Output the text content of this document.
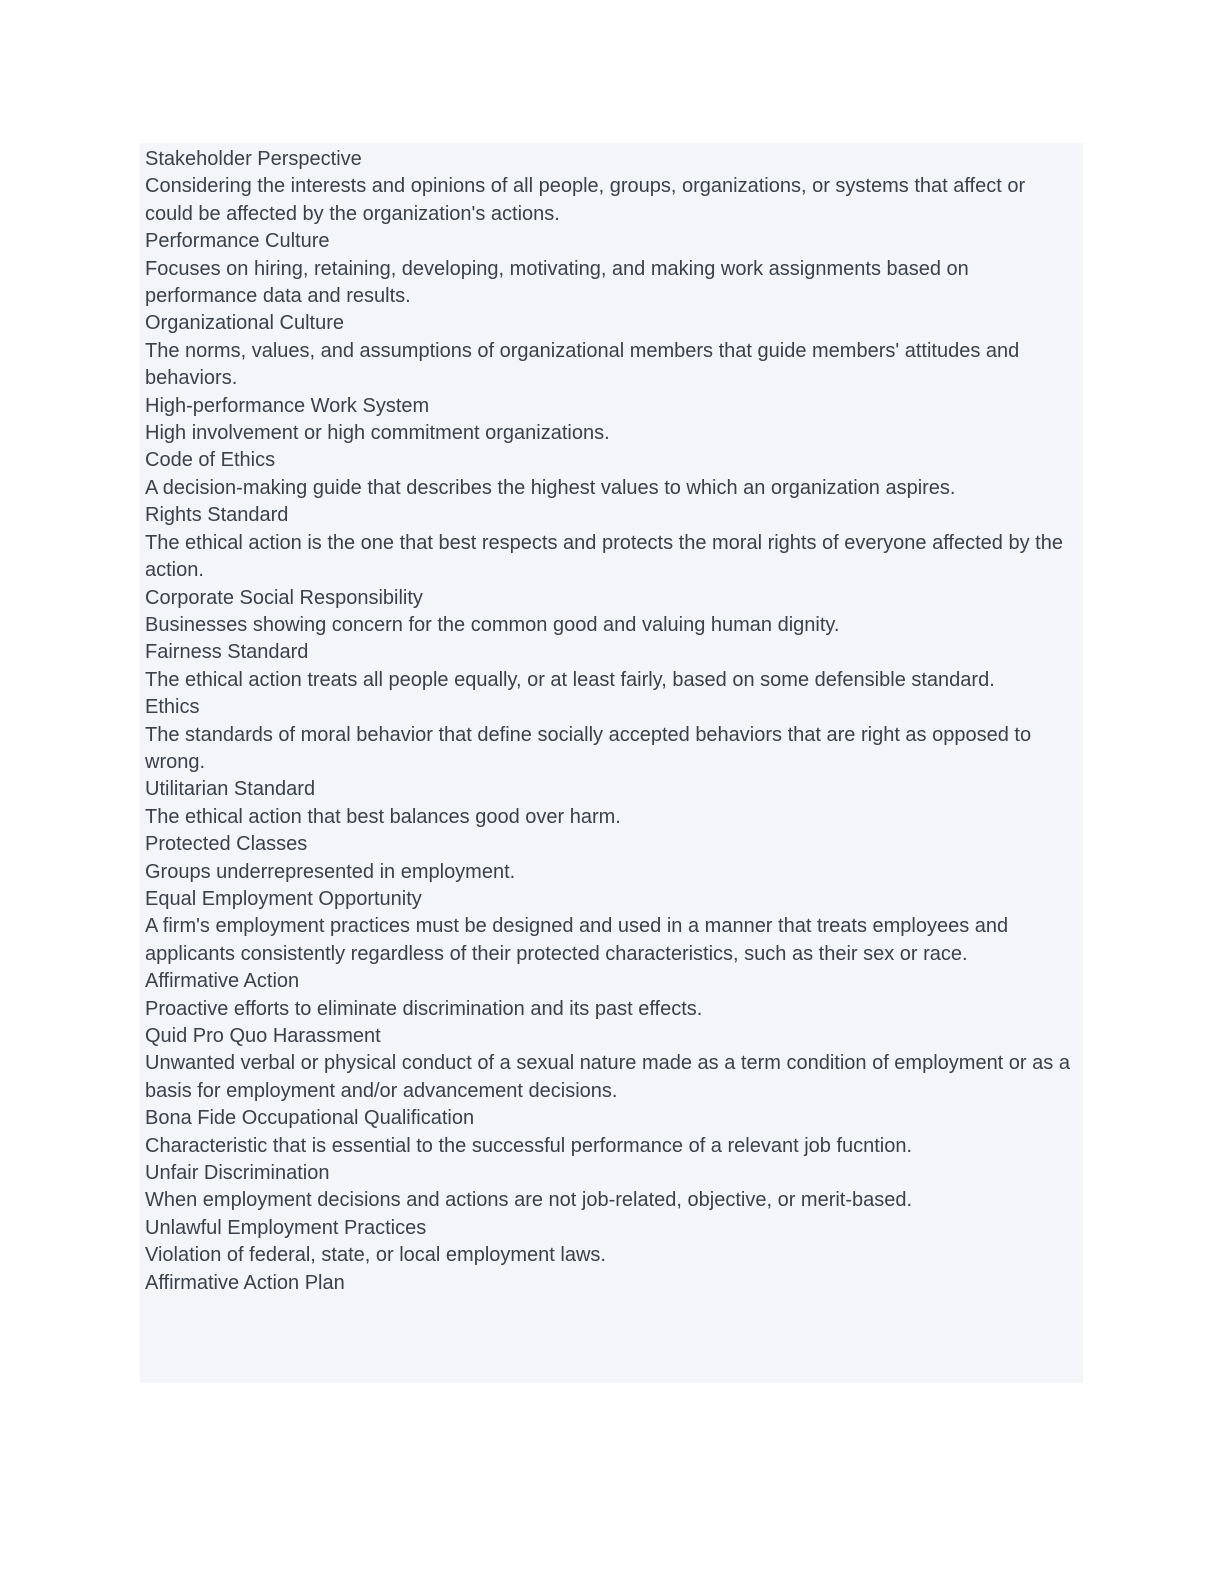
Stakeholder Perspective
Considering the interests and opinions of all people, groups, organizations, or systems that affect or could be affected by the organization's actions.
Performance Culture
Focuses on hiring, retaining, developing, motivating, and making work assignments based on performance data and results.
Organizational Culture
The norms, values, and assumptions of organizational members that guide members' attitudes and behaviors.
High-performance Work System
High involvement or high commitment organizations.
Code of Ethics
A decision-making guide that describes the highest values to which an organization aspires.
Rights Standard
The ethical action is the one that best respects and protects the moral rights of everyone affected by the action.
Corporate Social Responsibility
Businesses showing concern for the common good and valuing human dignity.
Fairness Standard
The ethical action treats all people equally, or at least fairly, based on some defensible standard.
Ethics
The standards of moral behavior that define socially accepted behaviors that are right as opposed to wrong.
Utilitarian Standard
The ethical action that best balances good over harm.
Protected Classes
Groups underrepresented in employment.
Equal Employment Opportunity
A firm's employment practices must be designed and used in a manner that treats employees and applicants consistently regardless of their protected characteristics, such as their sex or race.
Affirmative Action
Proactive efforts to eliminate discrimination and its past effects.
Quid Pro Quo Harassment
Unwanted verbal or physical conduct of a sexual nature made as a term condition of employment or as a basis for employment and/or advancement decisions.
Bona Fide Occupational Qualification
Characteristic that is essential to the successful performance of a relevant job fucntion.
Unfair Discrimination
When employment decisions and actions are not job-related, objective, or merit-based.
Unlawful Employment Practices
Violation of federal, state, or local employment laws.
Affirmative Action Plan
